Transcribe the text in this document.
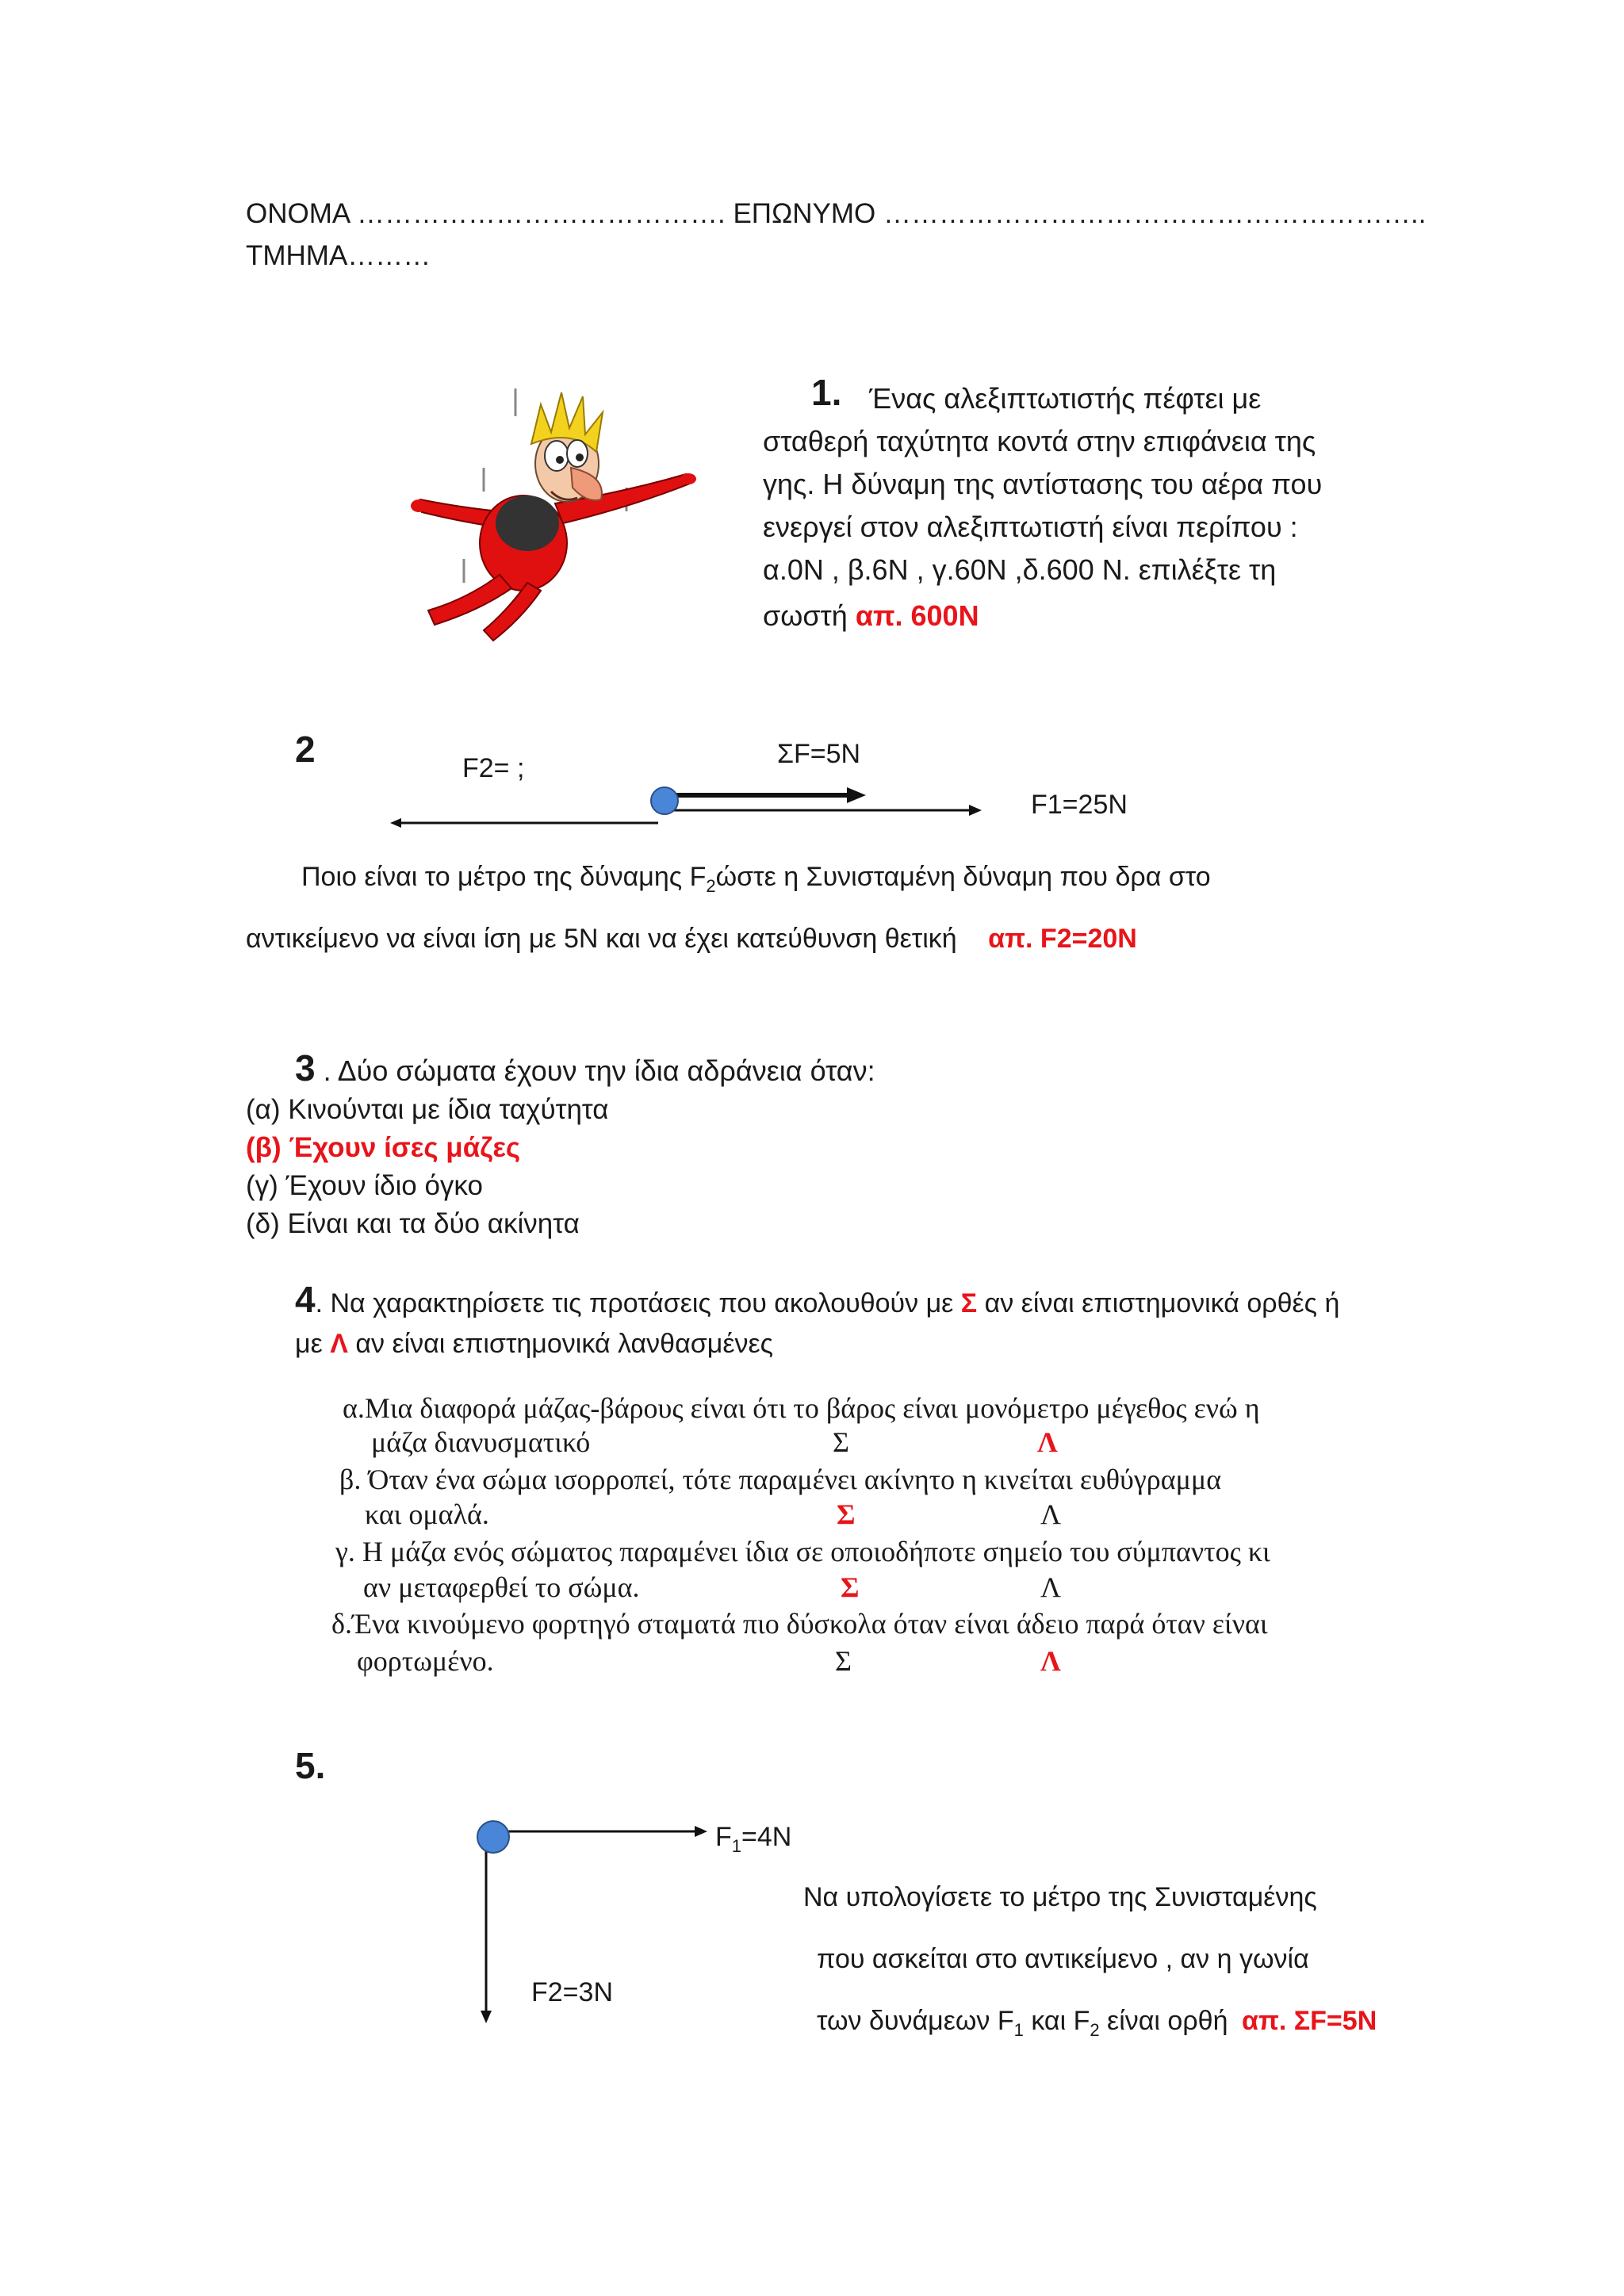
ΟΝΟΜΑ …………………………………. ΕΠΩΝΥΜΟ …………………………………………………..
ΤΜΗΜΑ………
1. Ένας αλεξιπτωτιστής πέφτει με
σταθερή ταχύτητα κοντά στην επιφάνεια της
γης. Η δύναμη της αντίστασης του αέρα που
ενεργεί στον αλεξιπτωτιστή είναι περίπου :
α.0Ν , β.6Ν , γ.60Ν ,δ.600 Ν. επιλέξτε τη
σωστή απ. 600Ν
2	F2= ;	ΣF=5N
F1=25N
Ποιο είναι το μέτρο της δύναμης $F_2ώ\sigma\tau\varepsilon$ η Συνισταμένη δύναμη που δρα στο
αντικείμενο να είναι ίση με 5Ν και να έχει κατεύθυνση θετική απ. F2=20N
3 . Δύο σώματα έχουν την ίδια αδράνεια όταν:
(α) Κινούνται με ίδια ταχύτητα
(β) Έχουν ίσες μάζες
(γ) Έχουν ίδιο όγκο
(δ) Είναι και τα δύο ακίνητα
4. Να χαρακτηρίσετε τις προτάσεις που ακολουθούν με Σ αν είναι επιστημονικά ορθές ή
με Λ αν είναι επιστημονικά λανθασμένες
α.Μια διαφορά μάζας-βάρους είναι ότι το βάρος είναι μονόμετρο μέγεθος ενώ η
μάζα διανυσματικό	Σ	Λ
β. Όταν ένα σώμα ισορροπεί, τότε παραμένει ακίνητο η κινείται ευθύγραμμα
και ομαλά.	Σ	Λ
γ. Η μάζα ενός σώματος παραμένει ίδια σε οποιοδήποτε σημείο του σύμπαντος κι
αν μεταφερθεί το σώμα.	Σ	Λ
δ.Ένα κινούμενο φορτηγό σταματά πιο δύσκολα όταν είναι άδειο παρά όταν είναι
φορτωμένο.	Σ	Λ
5.
$F_1=4N$
F2=3N
Να υπολογίσετε το μέτρο της Συνισταμένης
που ασκείται στο αντικείμενο , αν η γωνία
των δυνάμεων $F_1$ και $F_2$ είναι ορθή απ. ΣF=5N
